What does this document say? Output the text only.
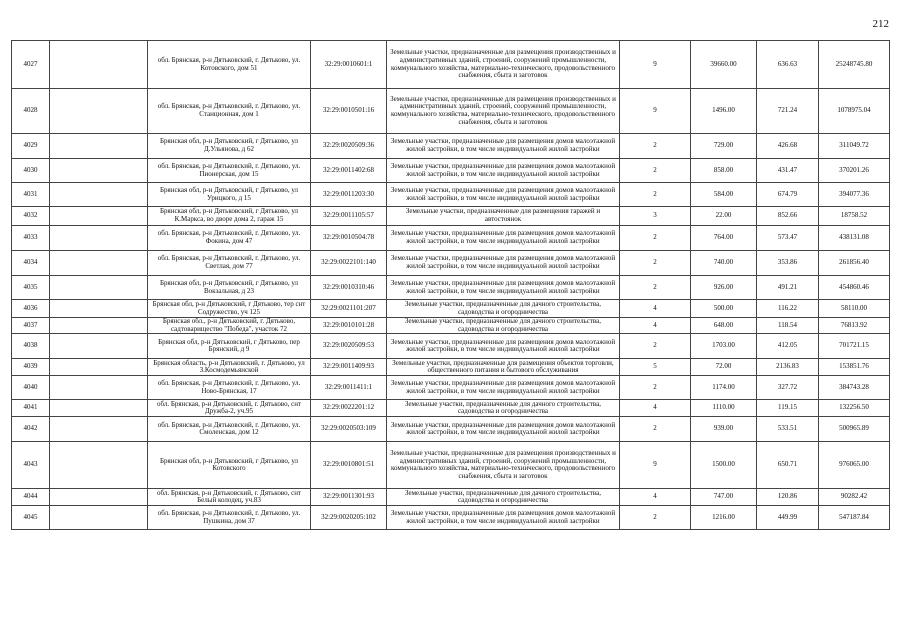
212
4027		обл. Брянская, р-н Дятьковский, г. Дятьково, ул. Котовского, дом 51	32:29:0010601:1	Земельные участки, предназначенные для размещения производственных и административных зданий, строений, сооружений промышленности, коммунального хозяйства, материально-технического, продовольственного снабжения, сбыта и заготовок	9	39660.00	636.63	25248745.80
4028		обл. Брянская, р-н Дятьковский, г. Дятьково, ул. Станционная, дом 1	32:29:0010501:16	Земельные участки, предназначенные для размещения производственных и административных зданий, строений, сооружений промышленности, коммунального хозяйства, материально-технического, продовольственного снабжения, сбыта и заготовок	9	1496.00	721.24	1078975.04
4029		Брянская обл, р-н Дятьковский, г Дятьково, ул Д.Ульянова, д 62	32:29:0020509:36	Земельные участки, предназначенные для размещения домов малоэтажной жилой застройки, в том числе индивидуальной жилой застройки	2	729.00	426.68	311049.72
4030		обл. Брянская, р-н Дятьковский, г. Дятьково, ул. Пионерская, дом 15	32:29:0011402:68	Земельные участки, предназначенные для размещения домов малоэтажной жилой застройки, в том числе индивидуальной жилой застройки	2	858.00	431.47	370201.26
4031		Брянская обл, р-н Дятьковский, г Дятьково, ул Урицкого, д 15	32:29:0011203:30	Земельные участки, предназначенные для размещения домов малоэтажной жилой застройки, в том числе индивидуальной жилой застройки	2	584.00	674.79	394077.36
4032		Брянская обл, р-н Дятьковский, г Дятьково, ул К.Маркса, во дворе дома 2, гараж 15	32:29:0011105:57	Земельные участки, предназначенные для размещения гаражей и автостоянок	3	22.00	852.66	18758.52
4033		обл. Брянская, р-н Дятьковский, г. Дятьково, ул. Фокина, дом 47	32:29:0010504:78	Земельные участки, предназначенные для размещения домов малоэтажной жилой застройки, в том числе индивидуальной жилой застройки	2	764.00	573.47	438131.08
4034		обл. Брянская, р-н Дятьковский, г. Дятьково, ул. Светлая, дом 77	32:29:0022101:140	Земельные участки, предназначенные для размещения домов малоэтажной жилой застройки, в том числе индивидуальной жилой застройки	2	740.00	353.86	261856.40
4035		Брянская обл, р-н Дятьковский, г Дятьково, ул Вокзальная, д 23	32:29:0010310:46	Земельные участки, предназначенные для размещения домов малоэтажной жилой застройки, в том числе индивидуальной жилой застройки	2	926.00	491.21	454860.46
4036		Брянская обл, р-н Дятьковский, г Дятьково, тер снт Содружество, уч 125	32:29:0021101:207	Земельные участки, предназначенные для дачного строительства, садоводства и огородничества	4	500.00	116.22	58110.00
4037		Брянская обл., р-н Дятьковский, г. Дятьково, садтоварищество "Победа", участок 72	32:29:0010101:28	Земельные участки, предназначенные для дачного строительства, садоводства и огородничества	4	648.00	118.54	76813.92
4038		Брянская обл, р-н Дятьковский, г Дятьково, пер Брянский, д 9	32:29:0020509:53	Земельные участки, предназначенные для размещения домов малоэтажной жилой застройки, в том числе индивидуальной жилой застройки	2	1703.00	412.05	701721.15
4039		Брянская область, р-н Дятьковский, г. Дятьково, ул З.Космодемьянской	32:29:0011409:93	Земельные участки, предназначенные для размещения объектов торговли, общественного питания и бытового обслуживания	5	72.00	2136.83	153851.76
4040		обл. Брянская, р-н Дятьковский, г. Дятьково, ул. Ново-Брянская, 17	32:29:0011411:1	Земельные участки, предназначенные для размещения домов малоэтажной жилой застройки, в том числе индивидуальной жилой застройки	2	1174.00	327.72	384743.28
4041		обл. Брянская, р-н Дятьковский, г. Дятьково, снт Дружба-2, уч.95	32:29:0022201:12	Земельные участки, предназначенные для дачного строительства, садоводства и огородничества	4	1110.00	119.15	132256.50
4042		обл. Брянская, р-н Дятьковский, г. Дятьково, ул. Смоленская, дом 12	32:29:0020503:109	Земельные участки, предназначенные для размещения домов малоэтажной жилой застройки, в том числе индивидуальной жилой застройки	2	939.00	533.51	500965.89
4043		Брянская обл, р-н Дятьковский, г Дятьково, ул Котовского	32:29:0010801:51	Земельные участки, предназначенные для размещения производственных и административных зданий, строений, сооружений промышленности, коммунального хозяйства, материально-технического, продовольственного снабжения, сбыта и заготовок	9	1500.00	650.71	976065.00
4044		обл. Брянская, р-н Дятьковский, г. Дятьково, снт Белый колодец, уч.83	32:29:0011301:93	Земельные участки, предназначенные для дачного строительства, садоводства и огородничества	4	747.00	120.86	90282.42
4045		обл. Брянская, р-н Дятьковский, г. Дятьково, ул. Пушкина, дом 37	32:29:0020205:102	Земельные участки, предназначенные для размещения домов малоэтажной жилой застройки, в том числе индивидуальной жилой застройки	2	1216.00	449.99	547187.84
